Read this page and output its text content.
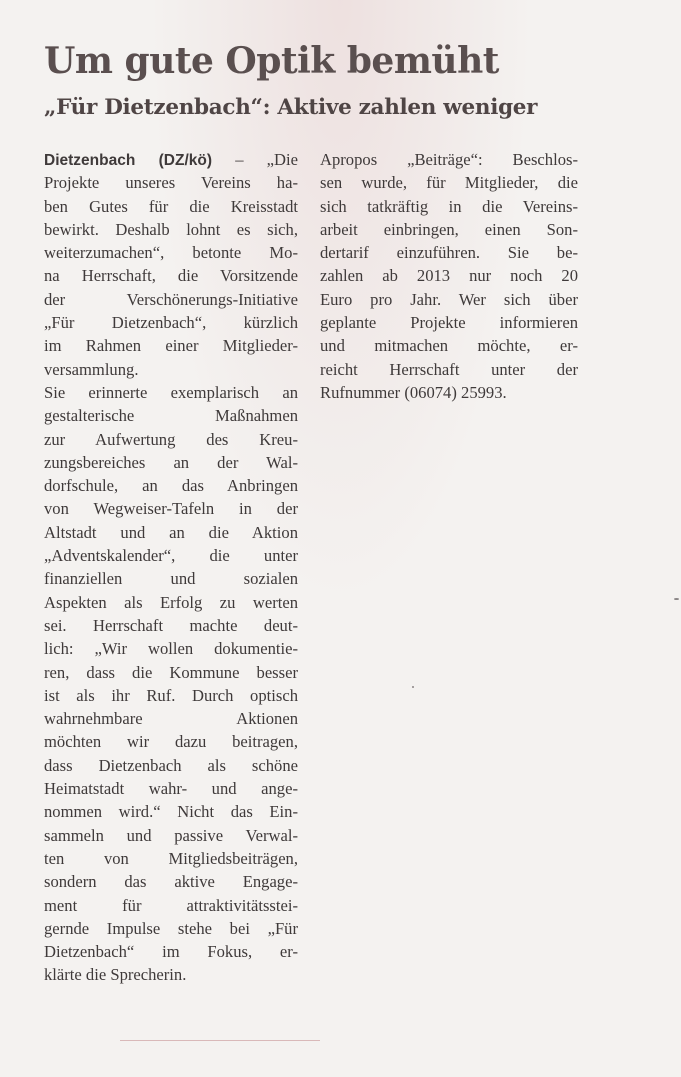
Um gute Optik bemüht
„Für Dietzenbach“: Aktive zahlen weniger
Dietzenbach (DZ/kö) – „Die
Projekte unseres Vereins ha-
ben Gutes für die Kreisstadt
bewirkt. Deshalb lohnt es sich,
weiterzumachen“, betonte Mo-
na Herrschaft, die Vorsitzende
der Verschönerungs-Initiative
„Für Dietzenbach“, kürzlich
im Rahmen einer Mitglieder-
versammlung.
Sie erinnerte exemplarisch an
gestalterische Maßnahmen
zur Aufwertung des Kreu-
zungsbereiches an der Wal-
dorfschule, an das Anbringen
von Wegweiser-Tafeln in der
Altstadt und an die Aktion
„Adventskalender“, die unter
finanziellen und sozialen
Aspekten als Erfolg zu werten
sei. Herrschaft machte deut-
lich: „Wir wollen dokumentie-
ren, dass die Kommune besser
ist als ihr Ruf. Durch optisch
wahrnehmbare Aktionen
möchten wir dazu beitragen,
dass Dietzenbach als schöne
Heimatstadt wahr- und ange-
nommen wird.“ Nicht das Ein-
sammeln und passive Verwal-
ten von Mitgliedsbeiträgen,
sondern das aktive Engage-
ment für attraktivitätsstei-
gernde Impulse stehe bei „Für
Dietzenbach“ im Fokus, er-
klärte die Sprecherin.
Apropos „Beiträge“: Beschlos-
sen wurde, für Mitglieder, die
sich tatkräftig in die Vereins-
arbeit einbringen, einen Son-
dertarif einzuführen. Sie be-
zahlen ab 2013 nur noch 20
Euro pro Jahr. Wer sich über
geplante Projekte informieren
und mitmachen möchte, er-
reicht Herrschaft unter der
Rufnummer (06074) 25993.
